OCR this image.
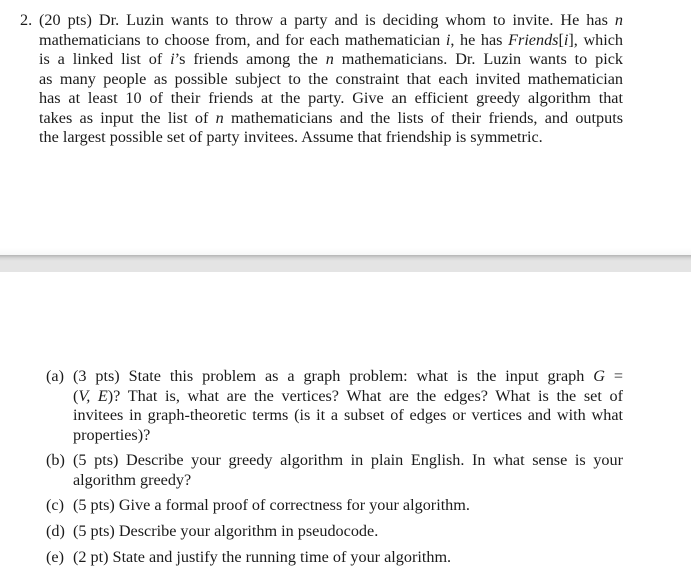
2. (20 pts) Dr. Luzin wants to throw a party and is deciding whom to invite. He has n
mathematicians to choose from, and for each mathematician i, he has Friends[i], which
is a linked list of i’s friends among the n mathematicians. Dr. Luzin wants to pick
as many people as possible subject to the constraint that each invited mathematician
has at least 10 of their friends at the party. Give an efficient greedy algorithm that
takes as input the list of n mathematicians and the lists of their friends, and outputs
the largest possible set of party invitees. Assume that friendship is symmetric.
(a) (3 pts) State this problem as a graph problem: what is the input graph G =
(V, E)? That is, what are the vertices? What are the edges? What is the set of
invitees in graph-theoretic terms (is it a subset of edges or vertices and with what
properties)?
(b) (5 pts) Describe your greedy algorithm in plain English. In what sense is your
algorithm greedy?
(c) (5 pts) Give a formal proof of correctness for your algorithm.
(d) (5 pts) Describe your algorithm in pseudocode.
(e) (2 pt) State and justify the running time of your algorithm.
